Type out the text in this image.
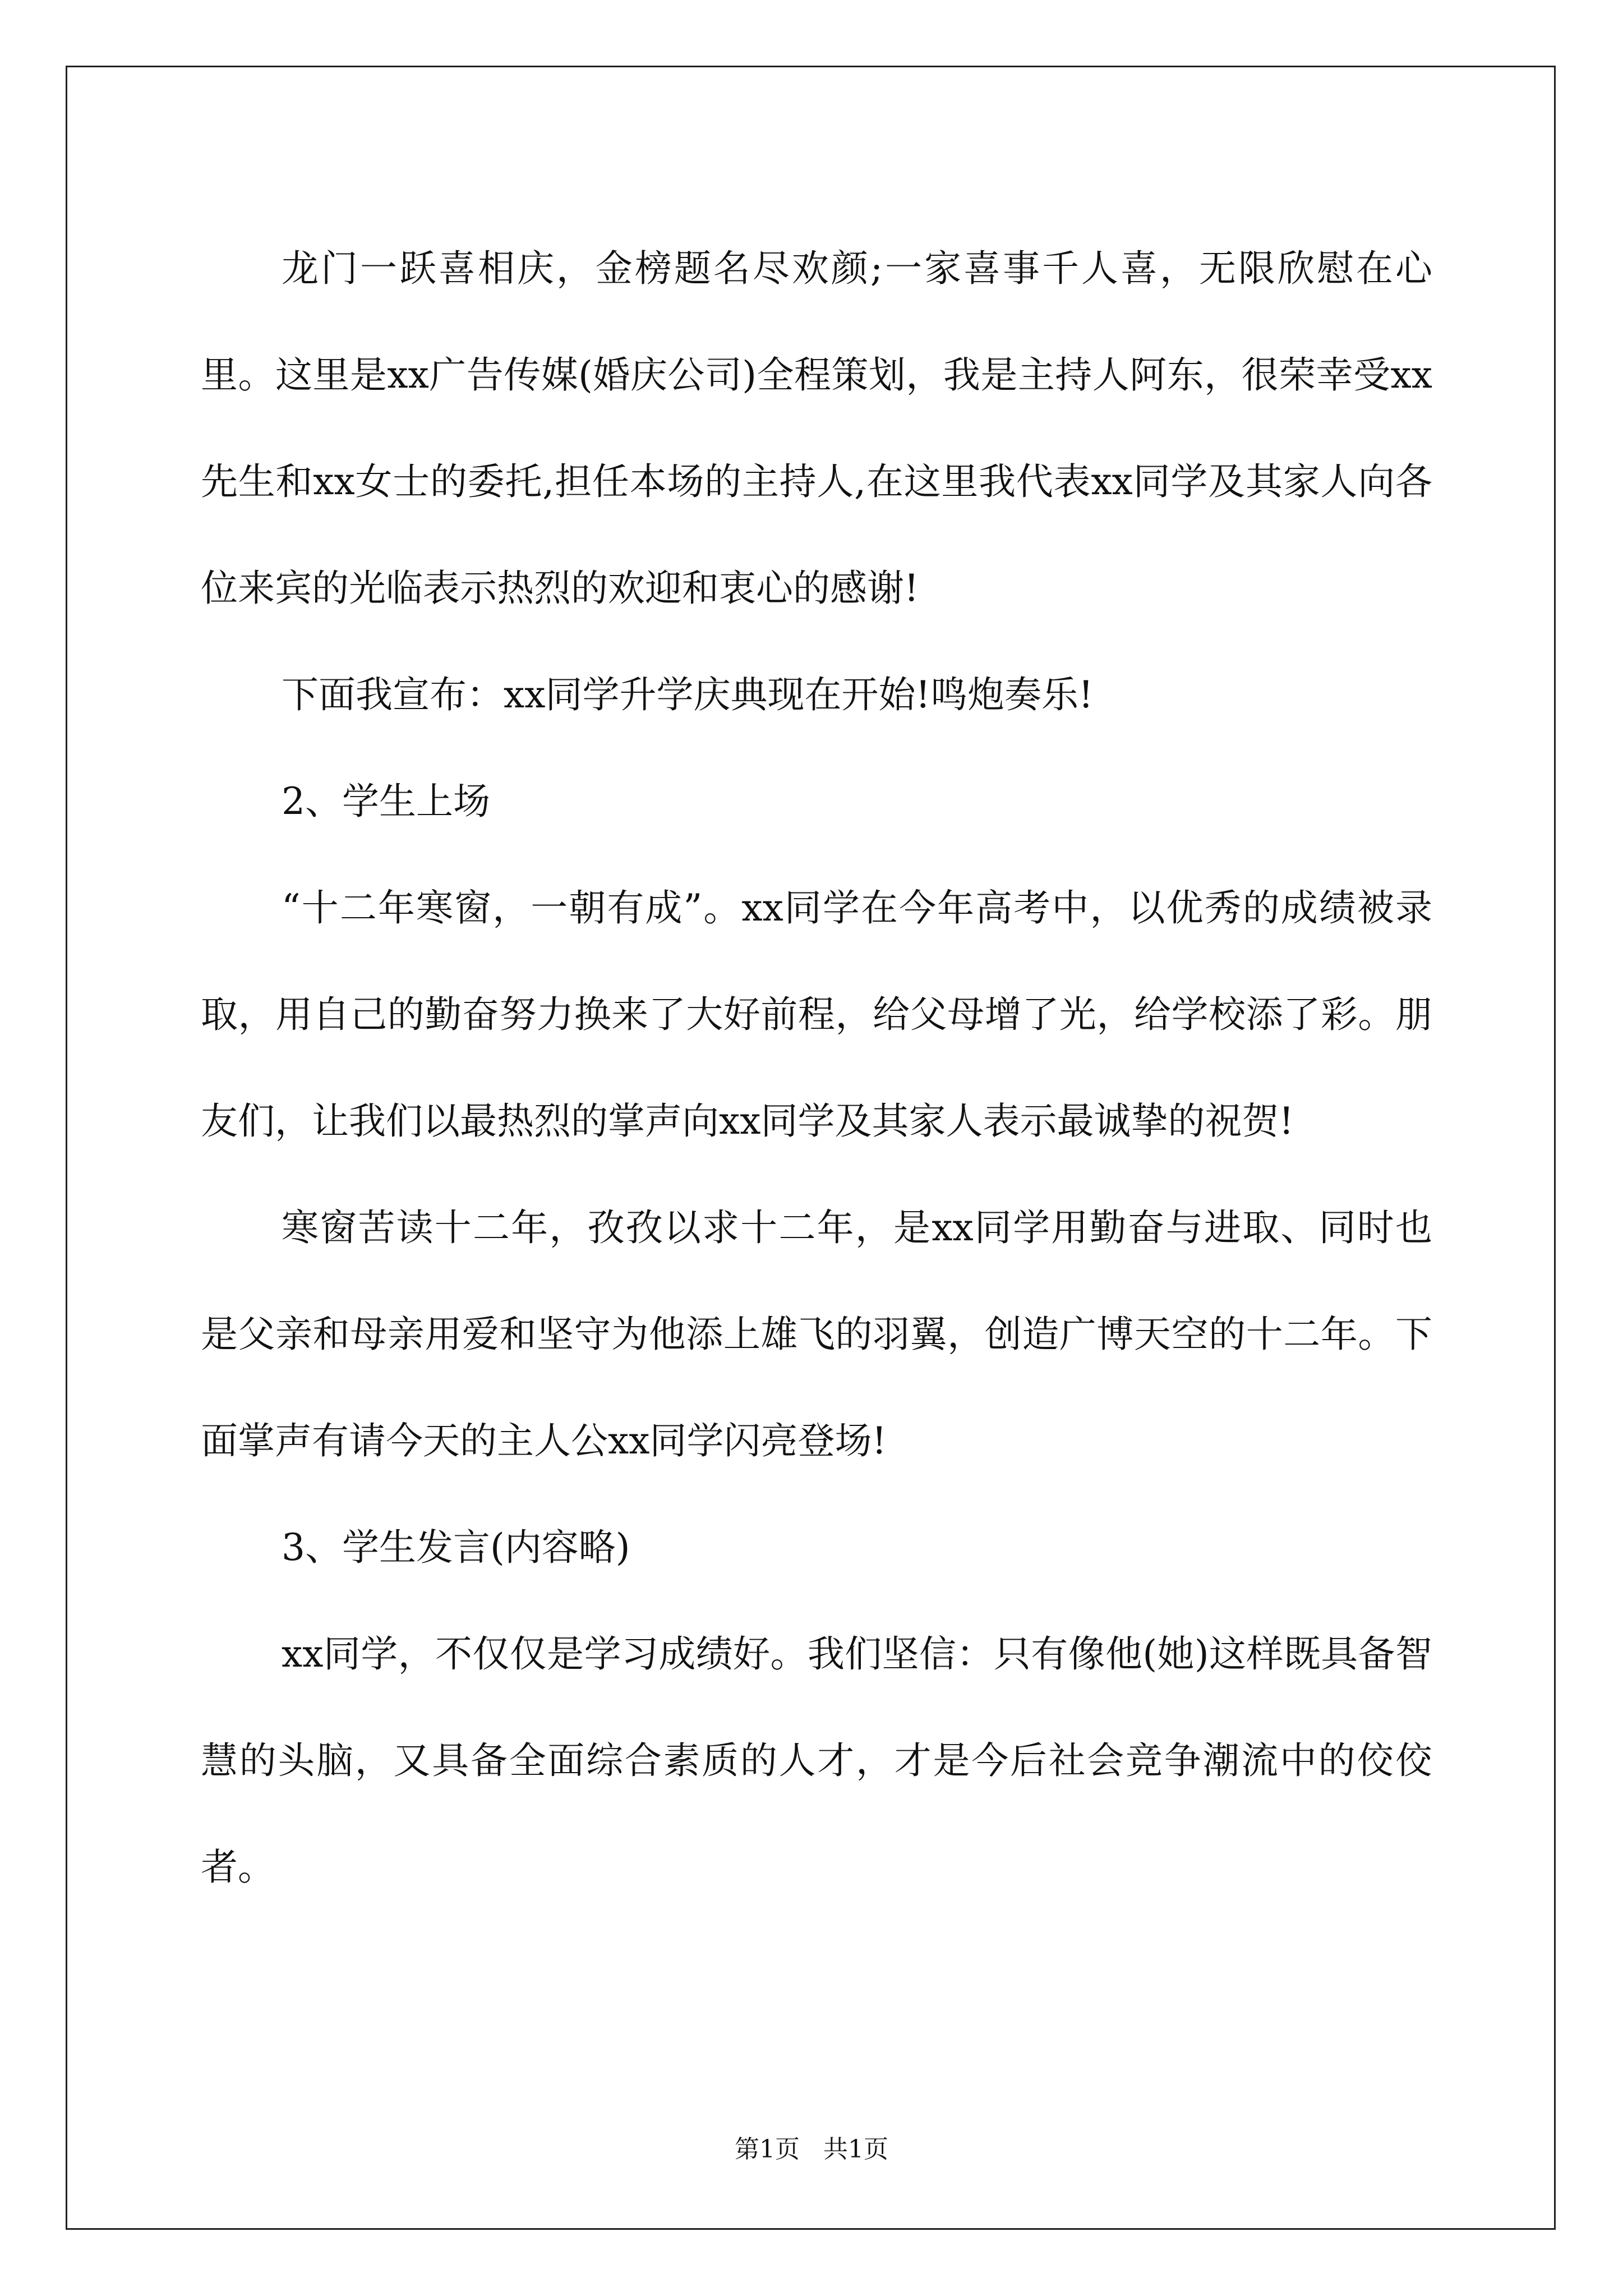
龙门一跃喜相庆，金榜题名尽欢颜;一家喜事千人喜，无限欣慰在心里。这里是xx广告传媒(婚庆公司)全程策划，我是主持人阿东，很荣幸受xx先生和xx女士的委托,担任本场的主持人,在这里我代表xx同学及其家人向各位来宾的光临表示热烈的欢迎和衷心的感谢!

下面我宣布：xx同学升学庆典现在开始!鸣炮奏乐!

2、学生上场

“十二年寒窗，一朝有成”。xx同学在今年高考中，以优秀的成绩被录取，用自己的勤奋努力换来了大好前程，给父母增了光，给学校添了彩。朋友们，让我们以最热烈的掌声向xx同学及其家人表示最诚挚的祝贺!

寒窗苦读十二年，孜孜以求十二年，是xx同学用勤奋与进取、同时也是父亲和母亲用爱和坚守为他添上雄飞的羽翼，创造广博天空的十二年。下面掌声有请今天的主人公xx同学闪亮登场!

3、学生发言(内容略)

xx同学，不仅仅是学习成绩好。我们坚信：只有像他(她)这样既具备智慧的头脑，又具备全面综合素质的人才，才是今后社会竞争潮流中的佼佼者。

第1页   共1页
